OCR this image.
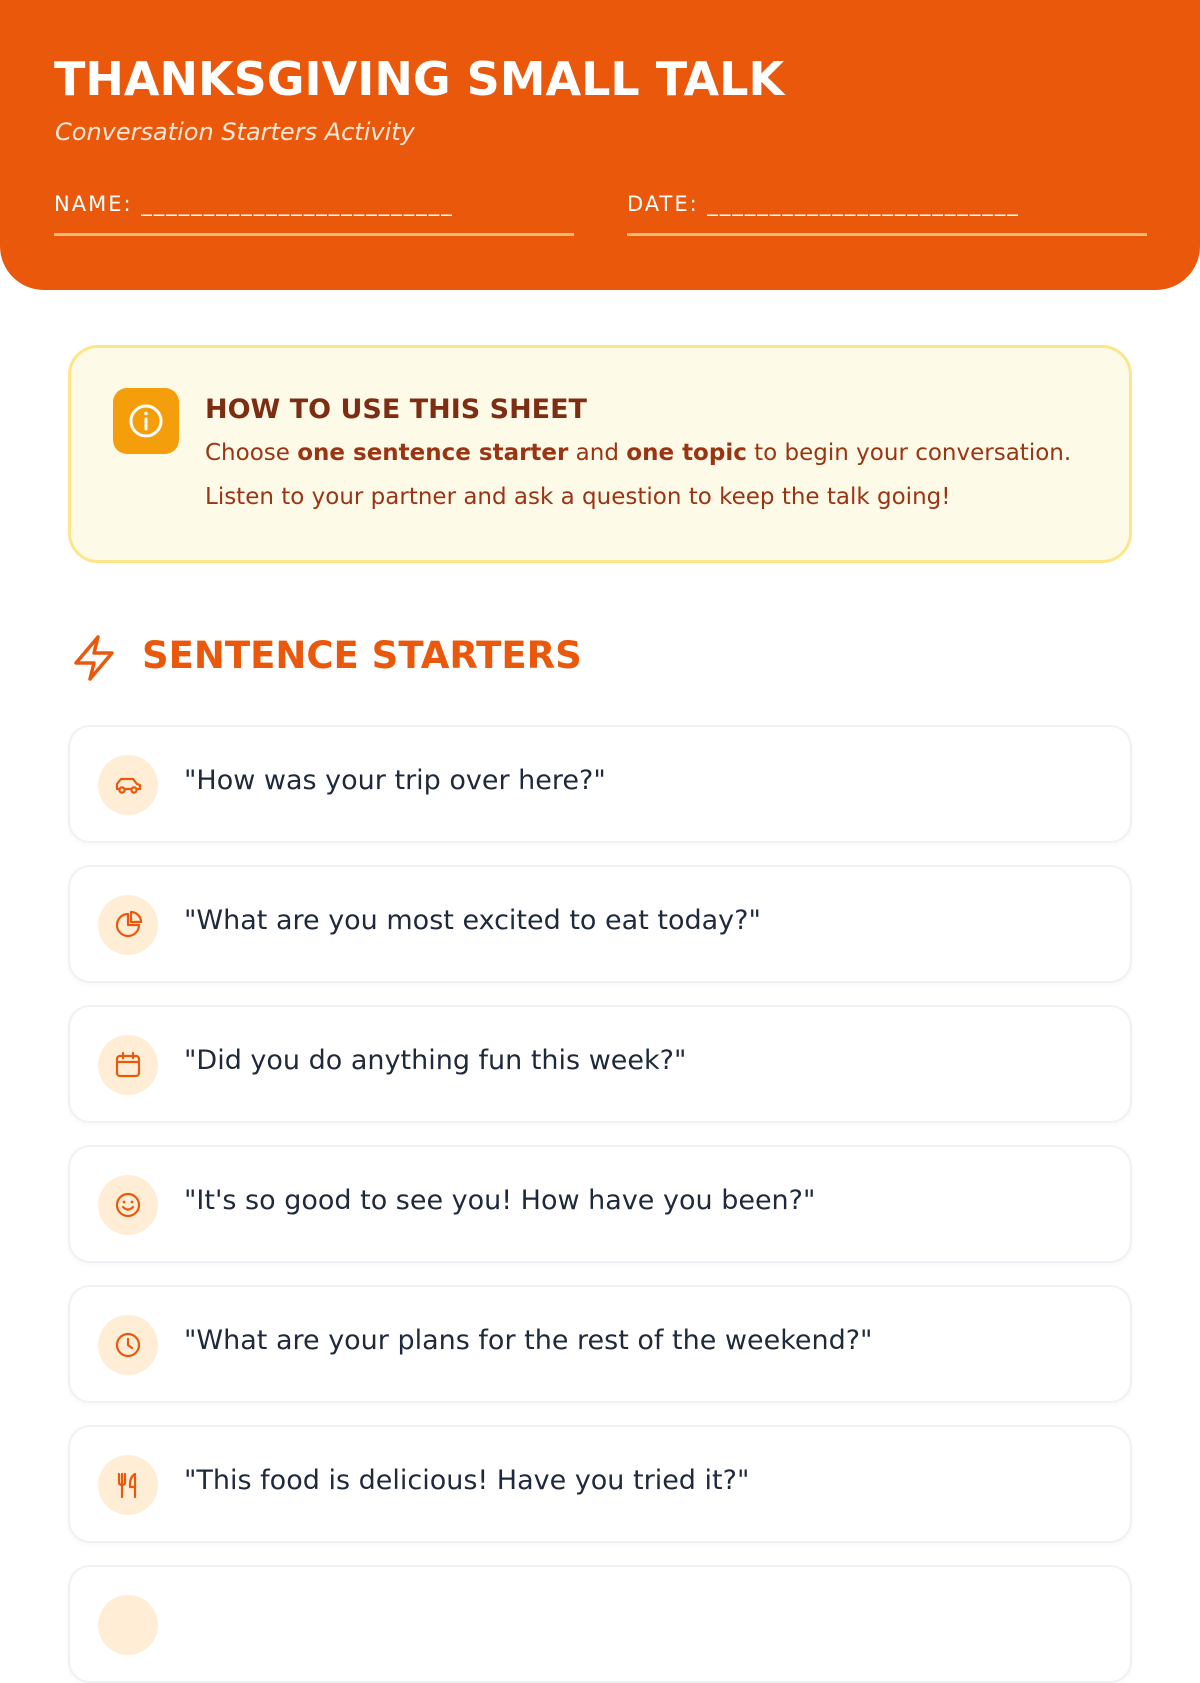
THANKSGIVING SMALL TALK
Conversation Starters Activity
NAME: _________________________	DATE: _________________________
HOW TO USE THIS SHEET
Choose one sentence starter and one topic to begin your conversation.
Listen to your partner and ask a question to keep the talk going!
SENTENCE STARTERS
"How was your trip over here?"
"What are you most excited to eat today?"
"Did you do anything fun this week?"
"It's so good to see you! How have you been?"
"What are your plans for the rest of the weekend?"
"This food is delicious! Have you tried it?"
